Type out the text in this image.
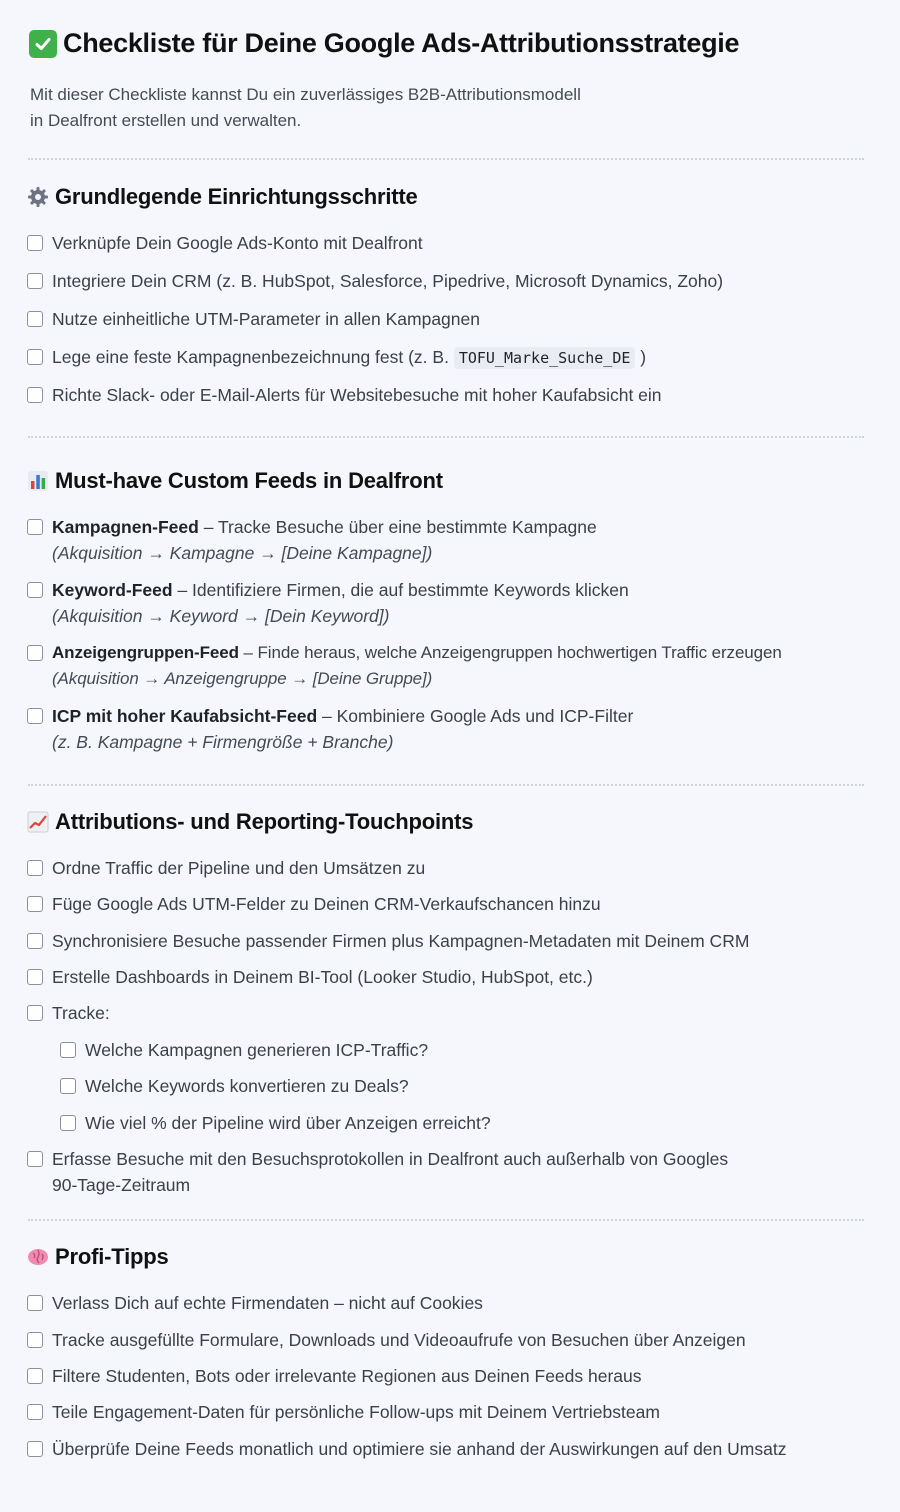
Checkliste für Deine Google Ads-Attributionsstrategie
Mit dieser Checkliste kannst Du ein zuverlässiges B2B-Attributionsmodell
in Dealfront erstellen und verwalten.
Grundlegende Einrichtungsschritte
Verknüpfe Dein Google Ads-Konto mit Dealfront
Integriere Dein CRM (z. B. HubSpot, Salesforce, Pipedrive, Microsoft Dynamics, Zoho)
Nutze einheitliche UTM-Parameter in allen Kampagnen
Lege eine feste Kampagnenbezeichnung fest (z. B. TOFU_Marke_Suche_DE )
Richte Slack- oder E-Mail-Alerts für Websitebesuche mit hoher Kaufabsicht ein
Must-have Custom Feeds in Dealfront
Kampagnen-Feed – Tracke Besuche über eine bestimmte Kampagne
(Akquisition → Kampagne → [Deine Kampagne])
Keyword-Feed – Identifiziere Firmen, die auf bestimmte Keywords klicken
(Akquisition → Keyword → [Dein Keyword])
Anzeigengruppen-Feed – Finde heraus, welche Anzeigengruppen hochwertigen Traffic erzeugen
(Akquisition → Anzeigengruppe → [Deine Gruppe])
ICP mit hoher Kaufabsicht-Feed – Kombiniere Google Ads und ICP-Filter
(z. B. Kampagne + Firmengröße + Branche)
Attributions- und Reporting-Touchpoints
Ordne Traffic der Pipeline und den Umsätzen zu
Füge Google Ads UTM-Felder zu Deinen CRM-Verkaufschancen hinzu
Synchronisiere Besuche passender Firmen plus Kampagnen-Metadaten mit Deinem CRM
Erstelle Dashboards in Deinem BI-Tool (Looker Studio, HubSpot, etc.)
Tracke:
Welche Kampagnen generieren ICP-Traffic?
Welche Keywords konvertieren zu Deals?
Wie viel % der Pipeline wird über Anzeigen erreicht?
Erfasse Besuche mit den Besuchsprotokollen in Dealfront auch außerhalb von Googles
90-Tage-Zeitraum
Profi-Tipps
Verlass Dich auf echte Firmendaten – nicht auf Cookies
Tracke ausgefüllte Formulare, Downloads und Videoaufrufe von Besuchen über Anzeigen
Filtere Studenten, Bots oder irrelevante Regionen aus Deinen Feeds heraus
Teile Engagement-Daten für persönliche Follow-ups mit Deinem Vertriebsteam
Überprüfe Deine Feeds monatlich und optimiere sie anhand der Auswirkungen auf den Umsatz
